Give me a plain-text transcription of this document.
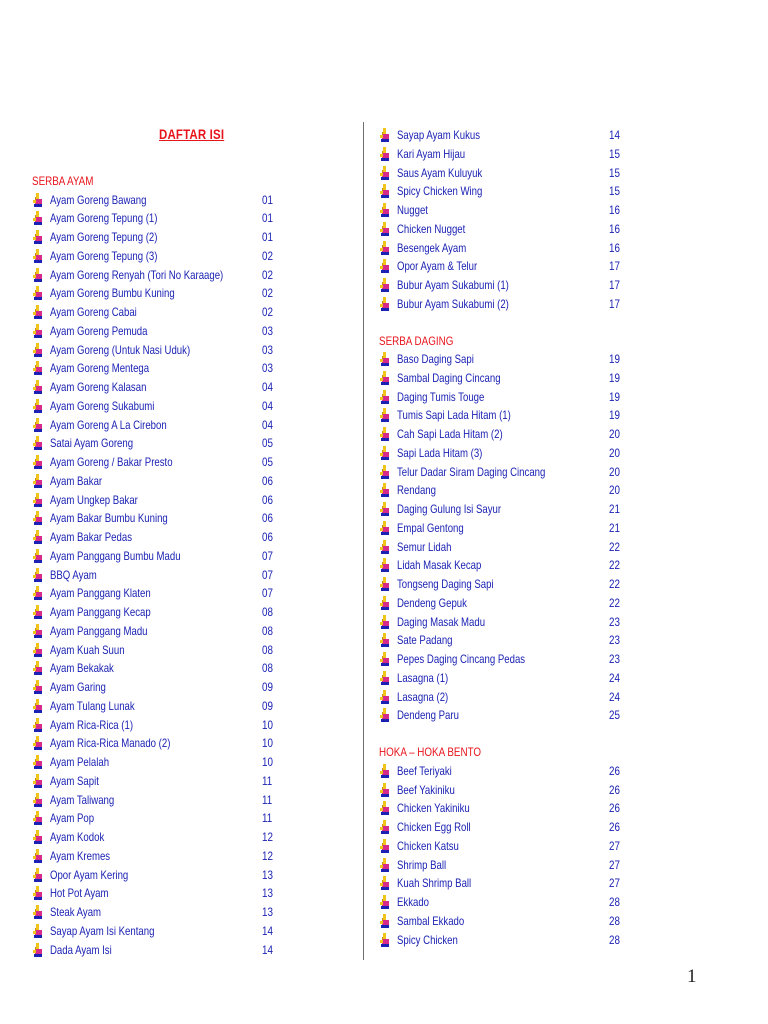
DAFTAR ISI
SERBA AYAM
Ayam Goreng Bawang	01
Ayam Goreng Tepung (1)	01
Ayam Goreng Tepung (2)	01
Ayam Goreng Tepung (3)	02
Ayam Goreng Renyah (Tori No Karaage)	02
Ayam Goreng Bumbu Kuning	02
Ayam Goreng Cabai	02
Ayam Goreng Pemuda	03
Ayam Goreng (Untuk Nasi Uduk)	03
Ayam Goreng Mentega	03
Ayam Goreng Kalasan	04
Ayam Goreng Sukabumi	04
Ayam Goreng A La Cirebon	04
Satai Ayam Goreng	05
Ayam Goreng / Bakar Presto	05
Ayam Bakar	06
Ayam Ungkep Bakar	06
Ayam Bakar Bumbu Kuning	06
Ayam Bakar Pedas	06
Ayam Panggang Bumbu Madu	07
BBQ Ayam	07
Ayam Panggang Klaten	07
Ayam Panggang Kecap	08
Ayam Panggang Madu	08
Ayam Kuah Suun	08
Ayam Bekakak	08
Ayam Garing	09
Ayam Tulang Lunak	09
Ayam Rica-Rica (1)	10
Ayam Rica-Rica Manado (2)	10
Ayam Pelalah	10
Ayam Sapit	11
Ayam Taliwang	11
Ayam Pop	11
Ayam Kodok	12
Ayam Kremes	12
Opor Ayam Kering	13
Hot Pot Ayam	13
Steak Ayam	13
Sayap Ayam Isi Kentang	14
Dada Ayam Isi	14
Sayap Ayam Kukus	14
Kari Ayam Hijau	15
Saus Ayam Kuluyuk	15
Spicy Chicken Wing	15
Nugget	16
Chicken Nugget	16
Besengek Ayam	16
Opor Ayam & Telur	17
Bubur Ayam Sukabumi (1)	17
Bubur Ayam Sukabumi (2)	17
SERBA DAGING
Baso Daging Sapi	19
Sambal Daging Cincang	19
Daging Tumis Touge	19
Tumis Sapi Lada Hitam (1)	19
Cah Sapi Lada Hitam (2)	20
Sapi Lada Hitam (3)	20
Telur Dadar Siram Daging Cincang	20
Rendang	20
Daging Gulung Isi Sayur	21
Empal Gentong	21
Semur Lidah	22
Lidah Masak Kecap	22
Tongseng Daging Sapi	22
Dendeng Gepuk	22
Daging Masak Madu	23
Sate Padang	23
Pepes Daging Cincang Pedas	23
Lasagna (1)	24
Lasagna (2)	24
Dendeng Paru	25
HOKA – HOKA BENTO
Beef Teriyaki	26
Beef Yakiniku	26
Chicken Yakiniku	26
Chicken Egg Roll	26
Chicken Katsu	27
Shrimp Ball	27
Kuah Shrimp Ball	27
Ekkado	28
Sambal Ekkado	28
Spicy Chicken	28
1
